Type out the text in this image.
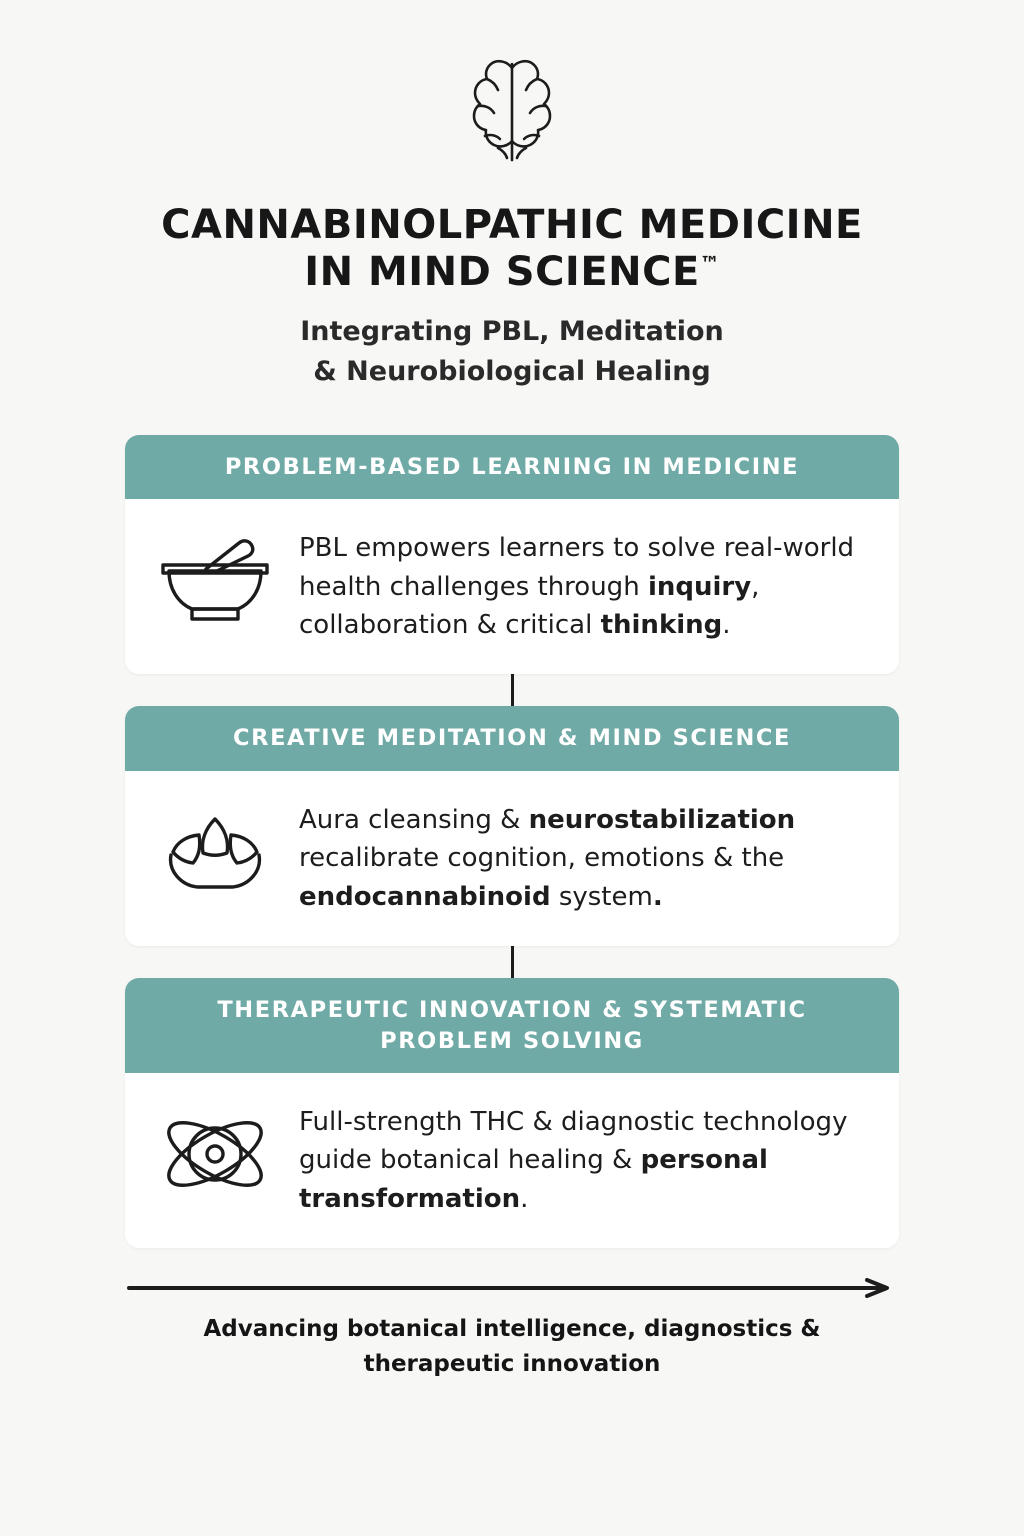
CANNABINOLPATHIC MEDICINE
IN MIND SCIENCE™
Integrating PBL, Meditation
& Neurobiological Healing
PROBLEM-BASED LEARNING IN MEDICINE
PBL empowers learners to solve real-world health challenges through inquiry, collaboration & critical thinking.
CREATIVE MEDITATION & MIND SCIENCE
Aura cleansing & neurostabilization recalibrate cognition, emotions & the endocannabinoid system.
THERAPEUTIC INNOVATION & SYSTEMATIC PROBLEM SOLVING
Full-strength THC & diagnostic technology guide botanical healing & personal transformation.
Advancing botanical intelligence, diagnostics & therapeutic innovation
